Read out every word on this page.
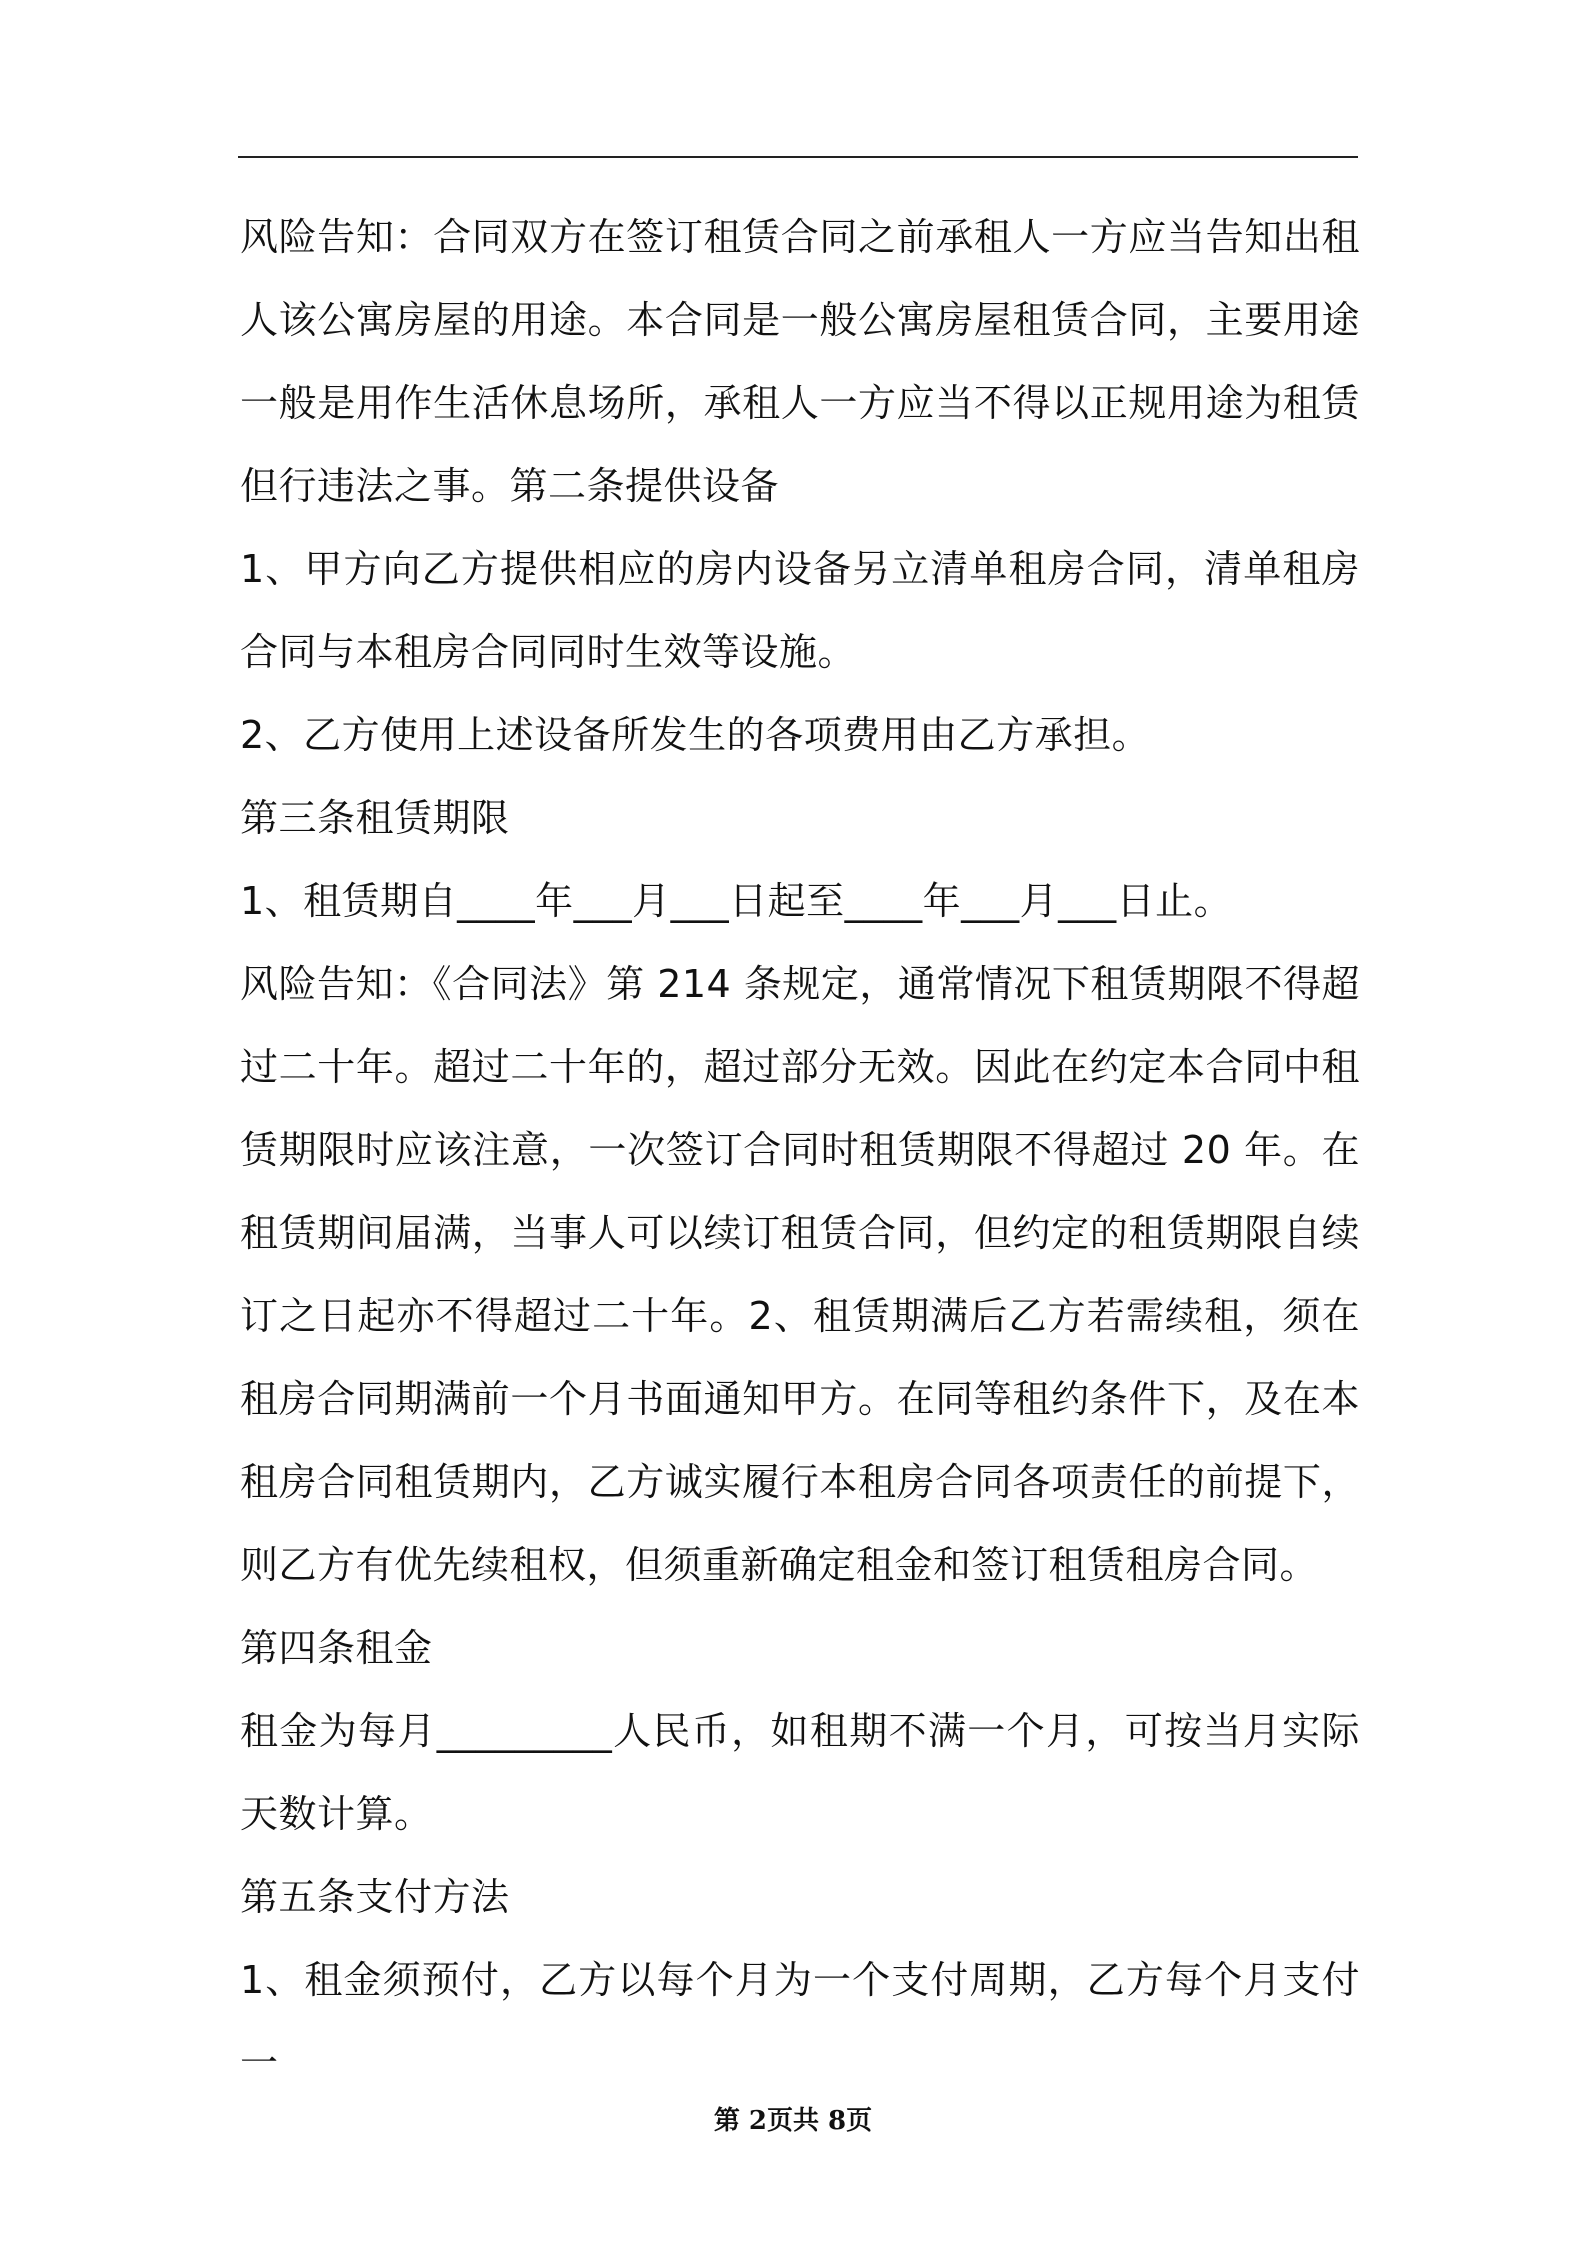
风险告知：合同双方在签订租赁合同之前承租人一方应当告知出租人该公寓房屋的用途。本合同是一般公寓房屋租赁合同，主要用途一般是用作生活休息场所，承租人一方应当不得以正规用途为租赁但行违法之事。第二条提供设备

1、甲方向乙方提供相应的房内设备另立清单租房合同，清单租房合同与本租房合同同时生效等设施。

2、乙方使用上述设备所发生的各项费用由乙方承担。

第三条租赁期限

1、租赁期自____年___月___日起至____年___月___日止。

风险告知：《合同法》第 214 条规定，通常情况下租赁期限不得超过二十年。超过二十年的，超过部分无效。因此在约定本合同中租赁期限时应该注意，一次签订合同时租赁期限不得超过 20 年。在租赁期间届满，当事人可以续订租赁合同，但约定的租赁期限自续订之日起亦不得超过二十年。2、租赁期满后乙方若需续租，须在租房合同期满前一个月书面通知甲方。在同等租约条件下，及在本租房合同租赁期内，乙方诚实履行本租房合同各项责任的前提下，则乙方有优先续租权，但须重新确定租金和签订租赁租房合同。

第四条租金

租金为每月_________人民币，如租期不满一个月，可按当月实际天数计算。

第五条支付方法

1、租金须预付，乙方以每个月为一个支付周期，乙方每个月支付一

第 2页共 8页
